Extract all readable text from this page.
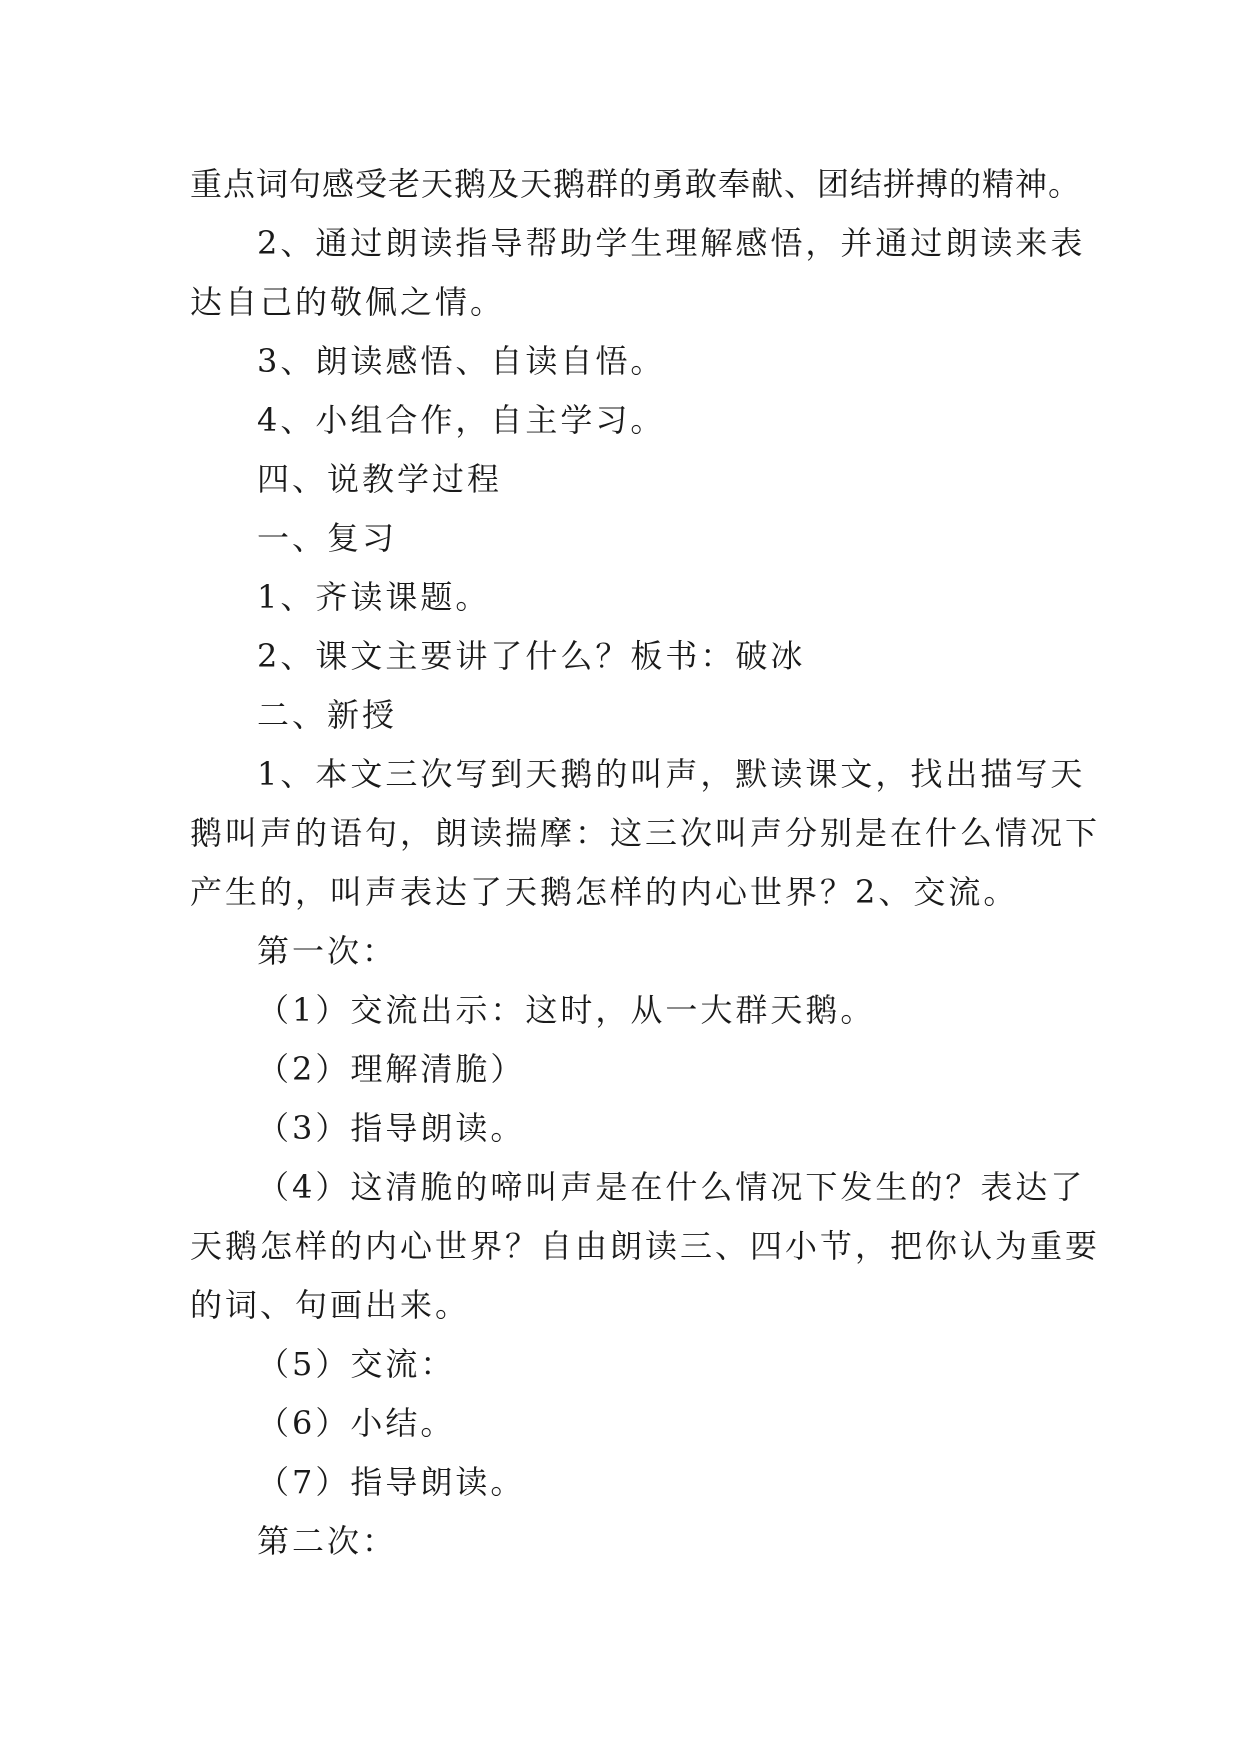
重点词句感受老天鹅及天鹅群的勇敢奉献、团结拼搏的精神。
2、通过朗读指导帮助学生理解感悟，并通过朗读来表
达自己的敬佩之情。
3、朗读感悟、自读自悟。
4、小组合作，自主学习。
四、说教学过程
一、复习
1、齐读课题。
2、课文主要讲了什么？板书：破冰
二、新授
1、本文三次写到天鹅的叫声，默读课文，找出描写天
鹅叫声的语句，朗读揣摩：这三次叫声分别是在什么情况下
产生的，叫声表达了天鹅怎样的内心世界？2、交流。
第一次：
（1）交流出示：这时，从一大群天鹅。
（2）理解清脆）
（3）指导朗读。
（4）这清脆的啼叫声是在什么情况下发生的？表达了
天鹅怎样的内心世界？自由朗读三、四小节，把你认为重要
的词、句画出来。
（5）交流：
（6）小结。
（7）指导朗读。
第二次：
